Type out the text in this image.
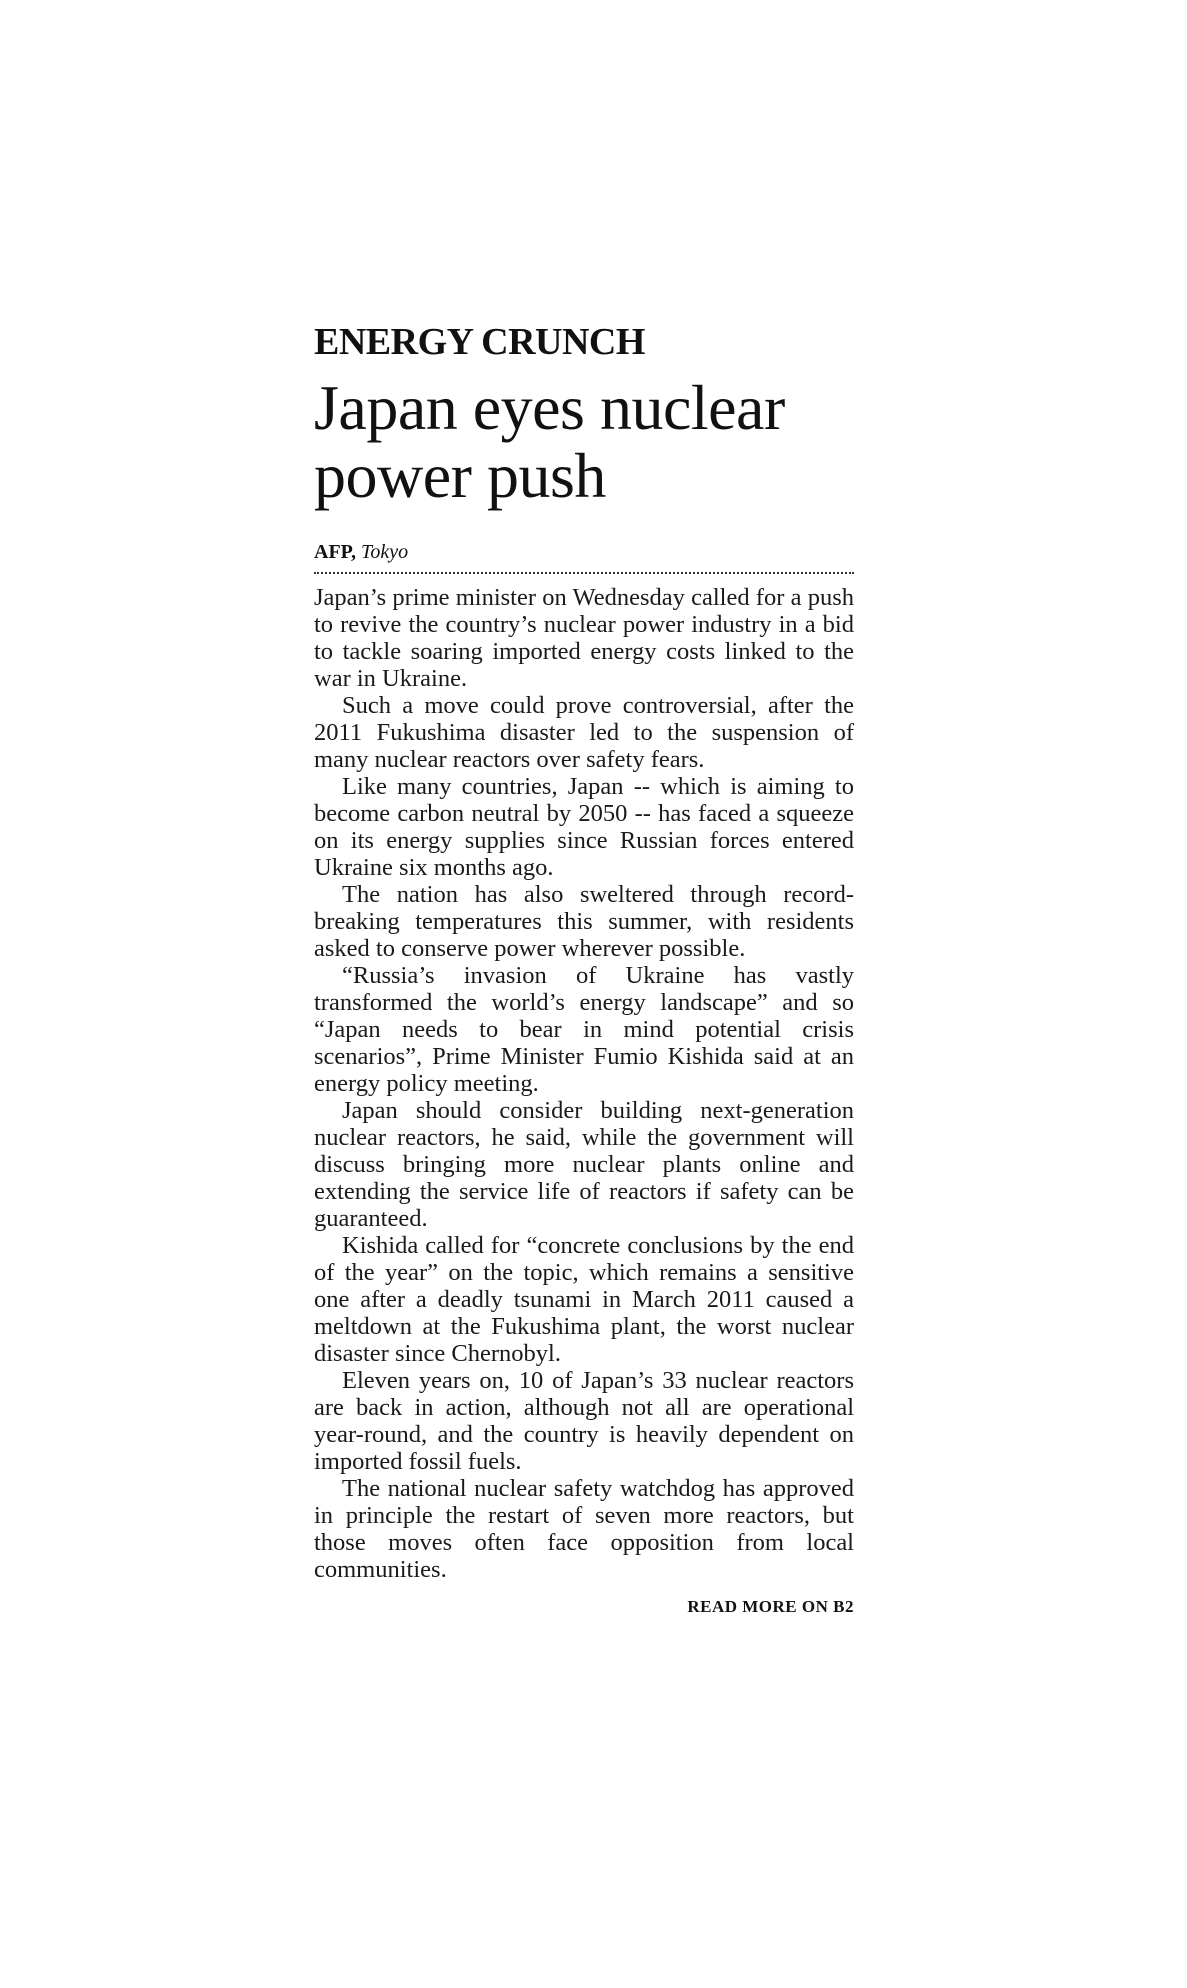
ENERGY CRUNCH
Japan eyes nuclear power push
AFP, Tokyo

Japan’s prime minister on Wednesday called for a push to revive the country’s nuclear power industry in a bid to tackle soaring imported energy costs linked to the war in Ukraine.

Such a move could prove controversial, after the 2011 Fukushima disaster led to the suspension of many nuclear reactors over safety fears.

Like many countries, Japan -- which is aiming to become carbon neutral by 2050 -- has faced a squeeze on its energy supplies since Russian forces entered Ukraine six months ago.

The nation has also sweltered through record-breaking temperatures this summer, with residents asked to conserve power wherever possible.

“Russia’s invasion of Ukraine has vastly transformed the world’s energy landscape” and so “Japan needs to bear in mind potential crisis scenarios”, Prime Minister Fumio Kishida said at an energy policy meeting.

Japan should consider building next-generation nuclear reactors, he said, while the government will discuss bringing more nuclear plants online and extending the service life of reactors if safety can be guaranteed.

Kishida called for “concrete conclusions by the end of the year” on the topic, which remains a sensitive one after a deadly tsunami in March 2011 caused a meltdown at the Fukushima plant, the worst nuclear disaster since Chernobyl.

Eleven years on, 10 of Japan’s 33 nuclear reactors are back in action, although not all are operational year-round, and the country is heavily dependent on imported fossil fuels.

The national nuclear safety watchdog has approved in principle the restart of seven more reactors, but those moves often face opposition from local communities.

READ MORE ON B2
